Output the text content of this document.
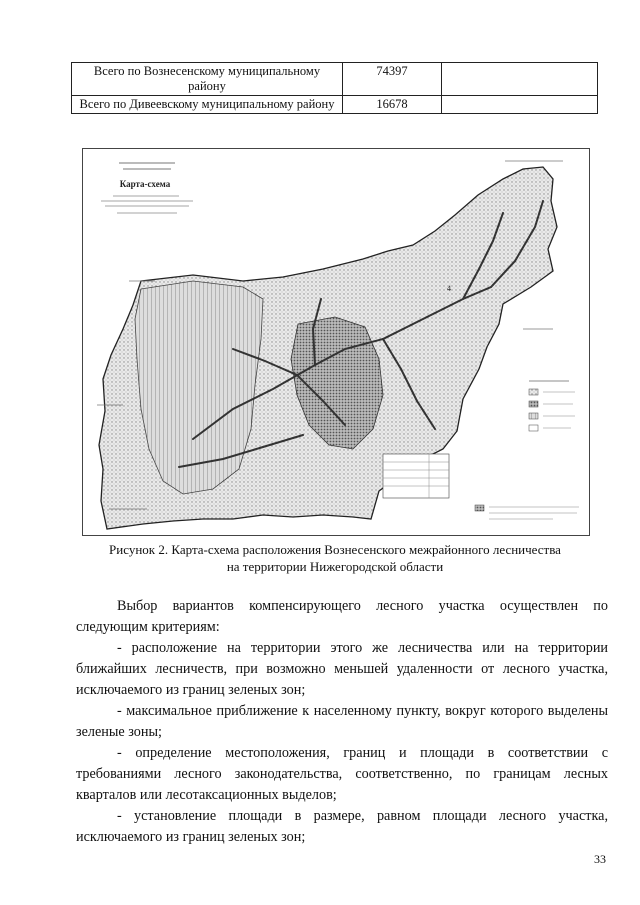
Всего по Вознесенскому муниципальному району	74397	
Всего по Дивеевскому муниципальному району	16678	
Карта-схема
4
Рисунок 2. Карта-схема расположения Вознесенского межрайонного лесничества
на территории Нижегородской области

Выбор вариантов компенсирующего лесного участка осуществлен по следующим критериям:

- расположение на территории этого же лесничества или на территории ближайших лесничеств, при возможно меньшей удаленности от лесного участка, исключаемого из границ зеленых зон;

- максимальное приближение к населенному пункту, вокруг которого выделены зеленые зоны;

- определение местоположения, границ и площади в соответствии с требованиями лесного законодательства, соответственно, по границам лесных кварталов или лесотаксационных выделов;

- установление площади в размере, равном площади лесного участка, исключаемого из границ зеленых зон;

33
